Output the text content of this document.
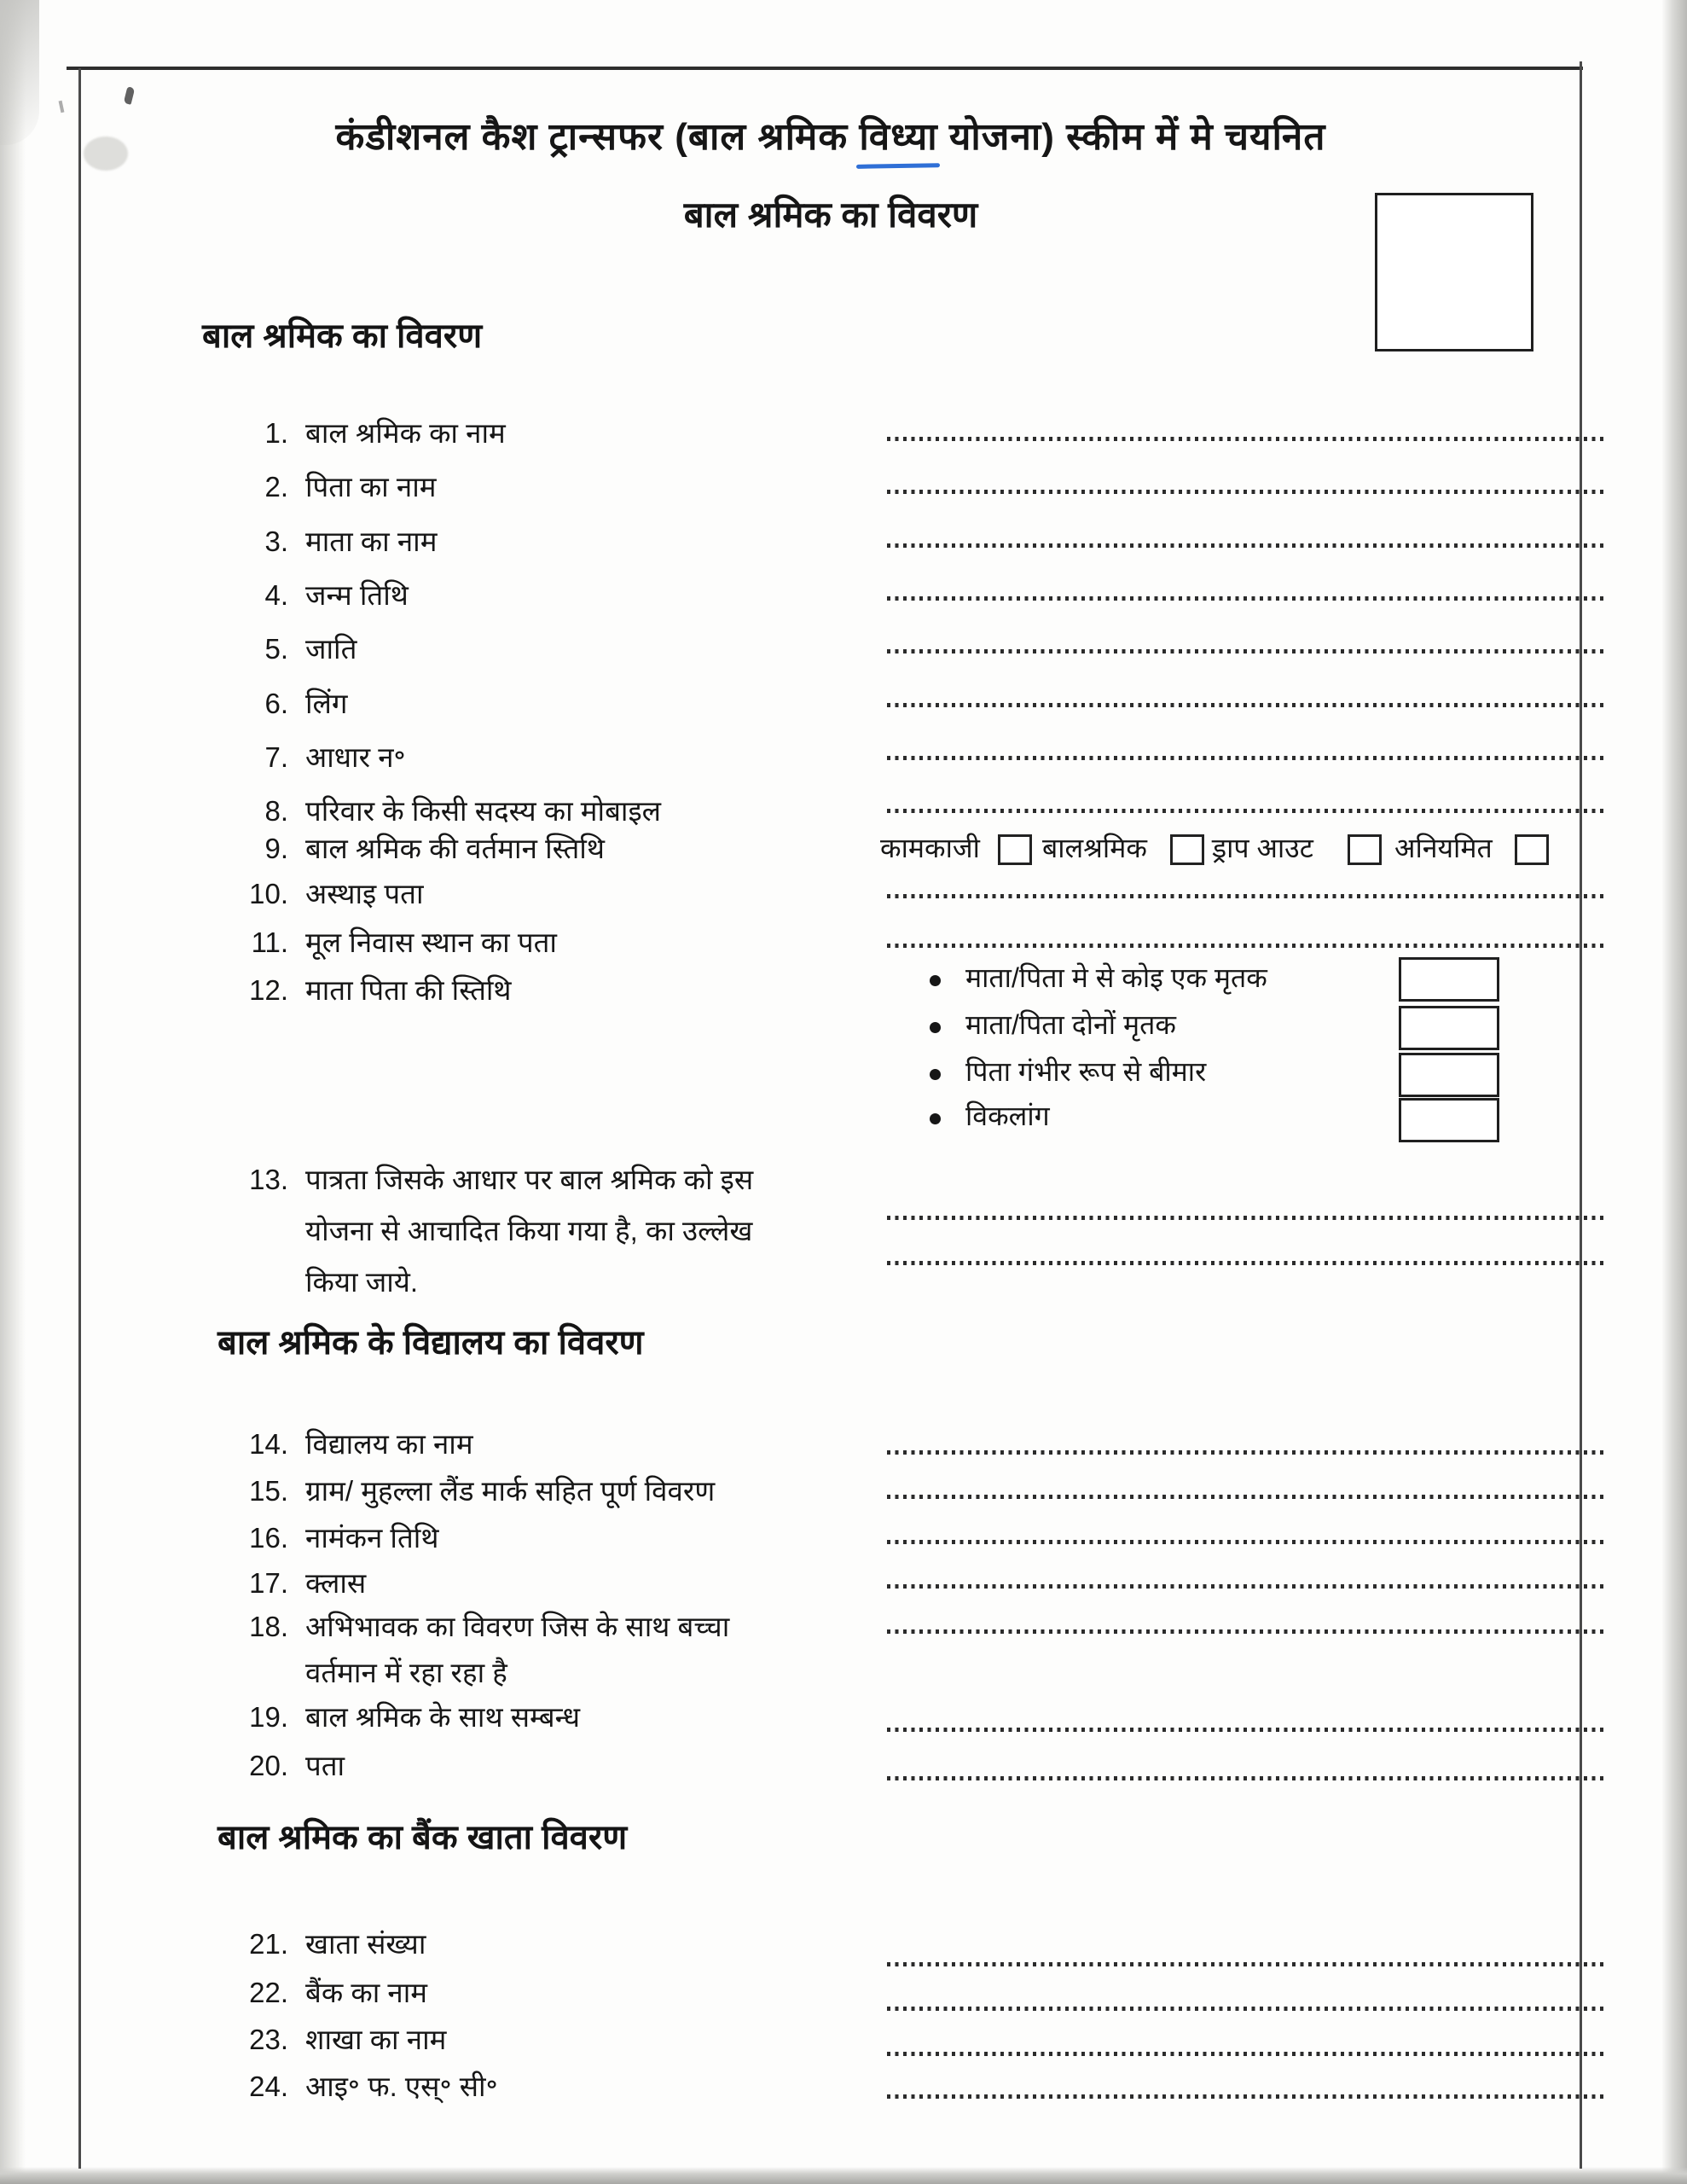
कंडीशनल कैश ट्रान्सफर (बाल श्रमिक विध्या योजना) स्कीम में मे चयनित
बाल श्रमिक का विवरण
बाल श्रमिक का विवरण
1. बाल श्रमिक का नाम
2. पिता का नाम
3. माता का नाम
4. जन्म तिथि
5. जाति
6. लिंग
7. आधार न॰
8. परिवार के किसी सदस्य का मोबाइल
9. बाल श्रमिक की वर्तमान स्तिथि
10. अस्थाइ पता
11. मूल निवास स्थान का पता
12. माता पिता की स्तिथि
13. पात्रता जिसके आधार पर बाल श्रमिक को इस
योजना से आचादित किया गया है, का उल्लेख
किया जाये.
कामकाजी बालश्रमिक ड्राप आउट	अनियमित
माता/पिता मे से कोइ एक मृतक
माता/पिता दोनों मृतक
पिता गंभीर रूप से बीमार
विकलांग
बाल श्रमिक के विद्यालय का विवरण
14. विद्यालय का नाम
15. ग्राम/ मुहल्ला लैंड मार्क सहित पूर्ण विवरण
16. नामंकन तिथि
17. क्लास
18. अभिभावक का विवरण जिस के साथ बच्चा
वर्तमान में रहा रहा है
19. बाल श्रमिक के साथ सम्बन्ध
20. पता
बाल श्रमिक का बैंक खाता विवरण
21. खाता संख्या
22. बैंक का नाम
23. शाखा का नाम
24. आइ॰ फ. एस्॰ सी॰
